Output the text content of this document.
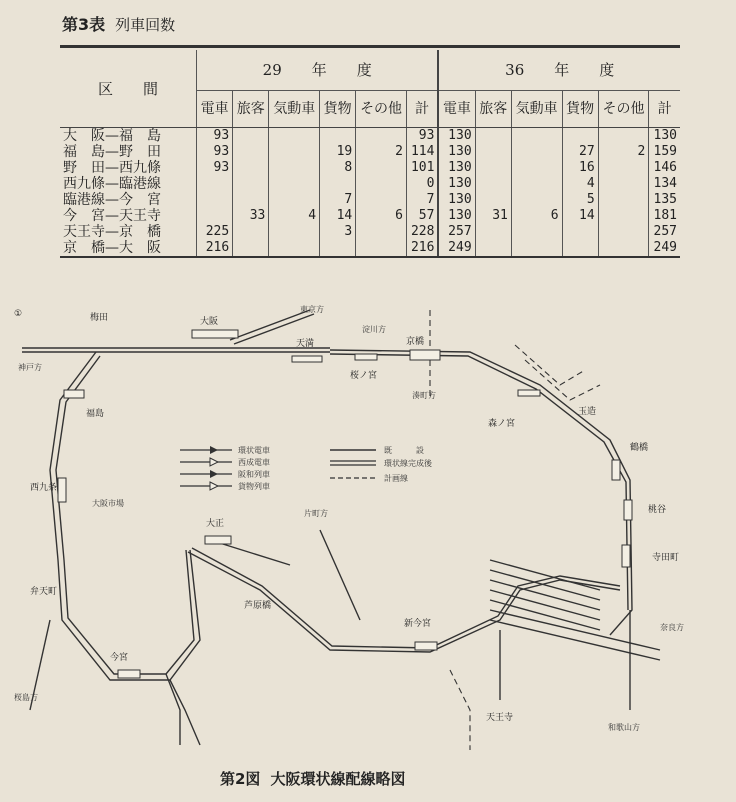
第3表 列車回数
区　　間	29　　年　　度						36　　年　　度					
	電車	旅客	気動車	貨物	その他	計	電車	旅客	気動車	貨物	その他	計
大　阪—福　島	93					93	130					130
福　島—野　田	93			19	2	114	130			27	2	159
野　田—西九條	93			8		101	130			16		146
西九條—臨港線						0	130			4		134
臨港線—今　宮				7		7	130			5		135
今　宮—天王寺		33	4	14	6	57	130	31	6	14		181
天王寺—京　橋	225			3		228	257					257
京　橋—大　阪	216					216	249					249
①
大阪
天満
桜ノ宮
京橋
森ノ宮
玉造
鶴橋
桃谷
寺田町
天王寺
新今宮
今宮
芦原橋
大正
弁天町
西九条
福島
梅田
大阪市場
神戸方
東京方
淀川方
片町方
奈良方
和歌山方
桜島方
湊町方
環状電車
西成電車
阪和列車
貨物列車
既　　　設
環状線完成後
計画線
第2図 大阪環状線配線略図
